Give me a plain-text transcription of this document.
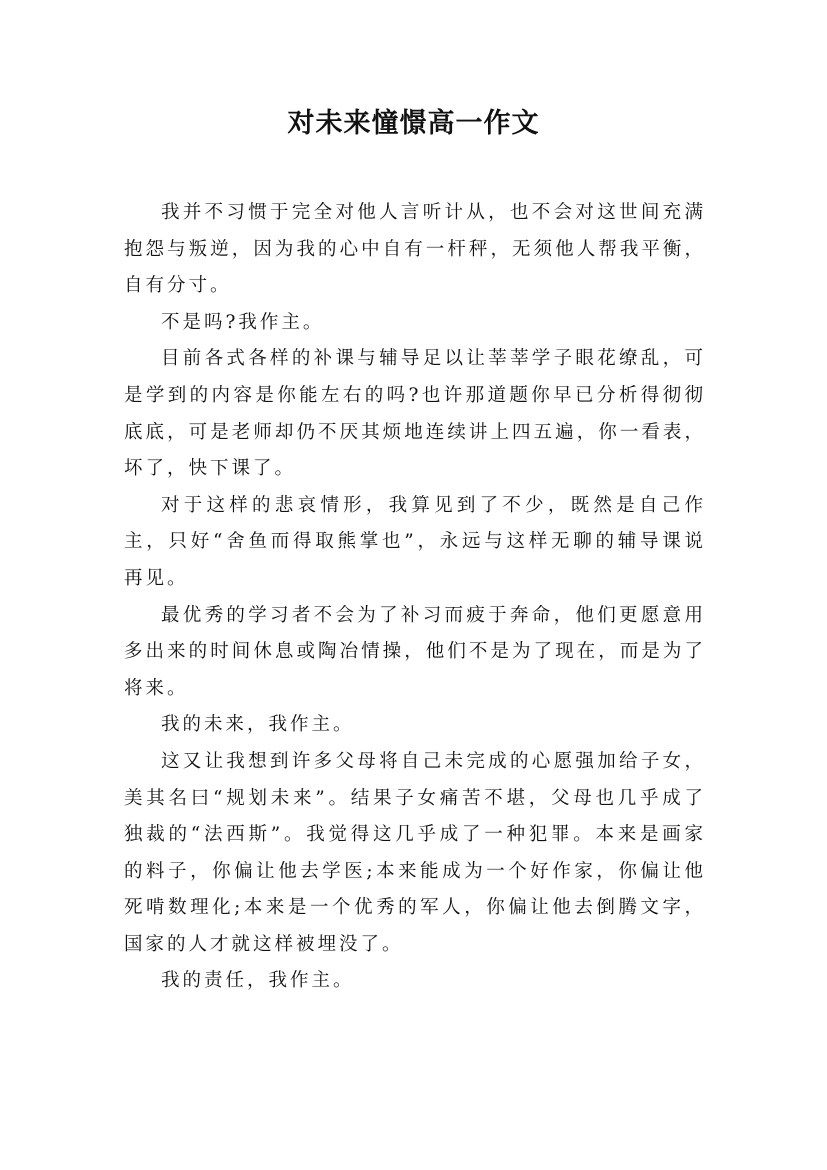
对未来憧憬高一作文

我并不习惯于完全对他人言听计从，也不会对这世间充满抱怨与叛逆，因为我的心中自有一杆秤，无须他人帮我平衡，自有分寸。

不是吗?我作主。

目前各式各样的补课与辅导足以让莘莘学子眼花缭乱，可是学到的内容是你能左右的吗?也许那道题你早已分析得彻彻底底，可是老师却仍不厌其烦地连续讲上四五遍，你一看表，坏了，快下课了。

对于这样的悲哀情形，我算见到了不少，既然是自己作主，只好“舍鱼而得取熊掌也”，永远与这样无聊的辅导课说再见。

最优秀的学习者不会为了补习而疲于奔命，他们更愿意用多出来的时间休息或陶冶情操，他们不是为了现在，而是为了将来。

我的未来，我作主。

这又让我想到许多父母将自己未完成的心愿强加给子女，美其名曰“规划未来”。结果子女痛苦不堪，父母也几乎成了独裁的“法西斯”。我觉得这几乎成了一种犯罪。本来是画家的料子，你偏让他去学医;本来能成为一个好作家，你偏让他死啃数理化;本来是一个优秀的军人，你偏让他去倒腾文字，国家的人才就这样被埋没了。

我的责任，我作主。
